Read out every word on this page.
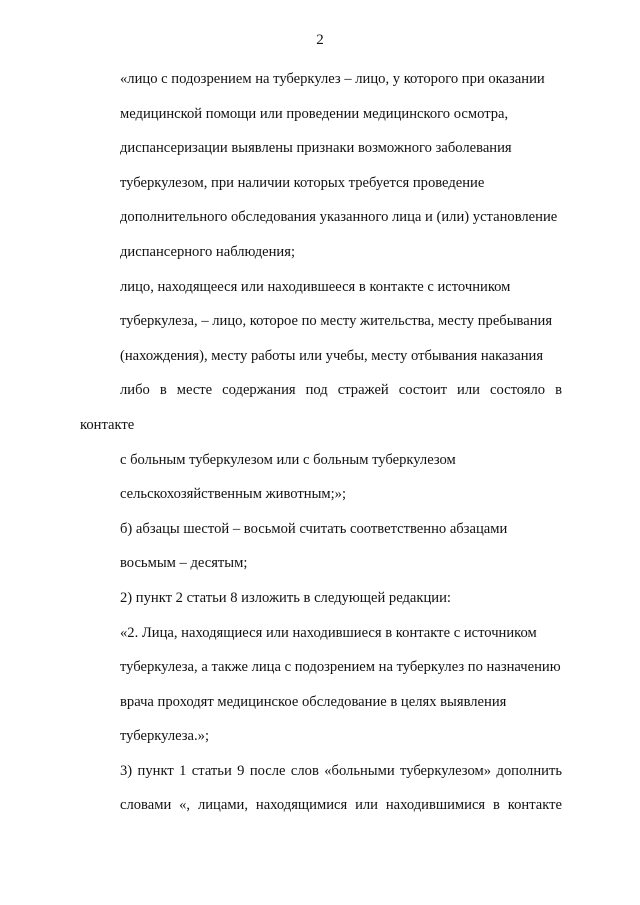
2

«лицо с подозрением на туберкулез – лицо, у которого при оказании
медицинской помощи или проведении медицинского осмотра,
диспансеризации выявлены признаки возможного заболевания
туберкулезом, при наличии которых требуется проведение
дополнительного обследования указанного лица и (или) установление
диспансерного наблюдения;

лицо, находящееся или находившееся в контакте с источником
туберкулеза, – лицо, которое по месту жительства, месту пребывания
(нахождения), месту работы или учебы, месту отбывания наказания
либо в месте содержания под стражей состоит или состояло в контакте
с больным туберкулезом или с больным туберкулезом
сельскохозяйственным животным;»;

б) абзацы шестой – восьмой считать соответственно абзацами
восьмым – десятым;

2) пункт 2 статьи 8 изложить в следующей редакции:

«2. Лица, находящиеся или находившиеся в контакте с источником
туберкулеза, а также лица с подозрением на туберкулез по назначению
врача проходят медицинское обследование в целях выявления
туберкулеза.»;

3) пункт 1 статьи 9 после слов «больными туберкулезом» дополнить
словами «, лицами, находящимися или находившимися в контакте
